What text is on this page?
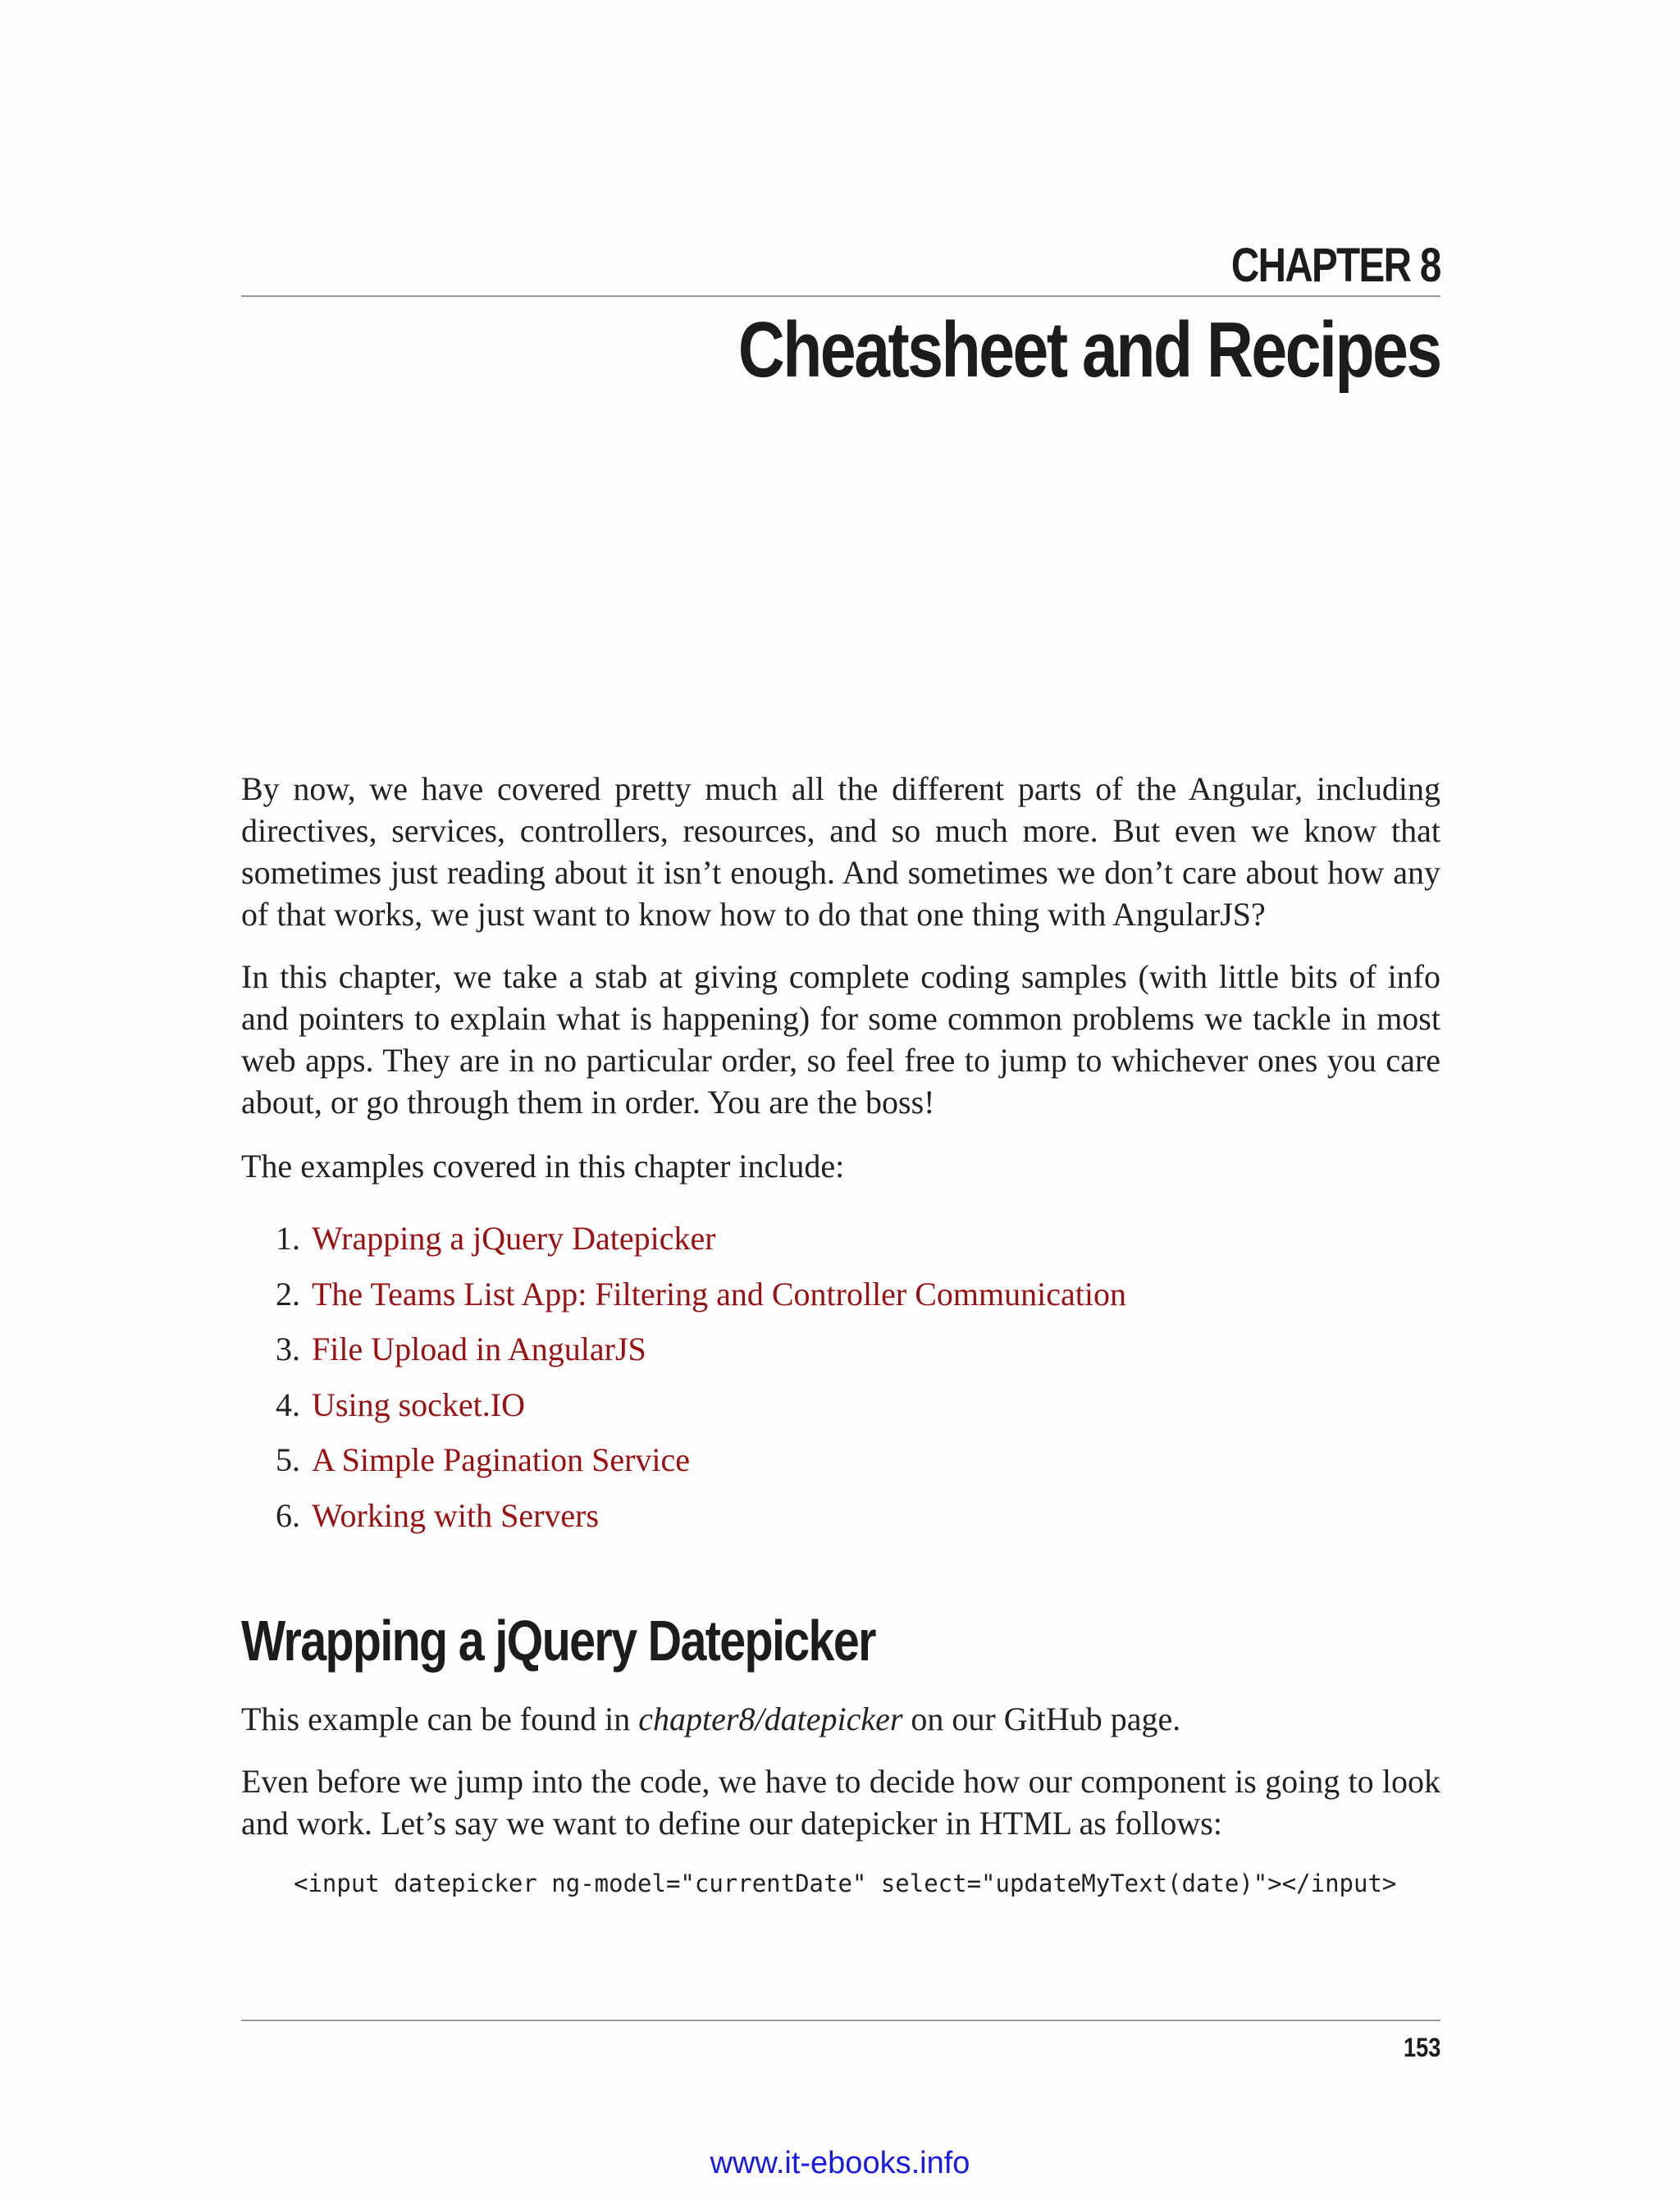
CHAPTER 8
Cheatsheet and Recipes

By now, we have covered pretty much all the different parts of the Angular, including directives, services, controllers, resources, and so much more. But even we know that sometimes just reading about it isn’t enough. And sometimes we don’t care about how any of that works, we just want to know how to do that one thing with AngularJS?

In this chapter, we take a stab at giving complete coding samples (with little bits of info and pointers to explain what is happening) for some common problems we tackle in most web apps. They are in no particular order, so feel free to jump to whichever ones you care about, or go through them in order. You are the boss!

The examples covered in this chapter include:

1. Wrapping a jQuery Datepicker
2. The Teams List App: Filtering and Controller Communication
3. File Upload in AngularJS
4. Using socket.IO
5. A Simple Pagination Service
6. Working with Servers
Wrapping a jQuery Datepicker

This example can be found in chapter8/datepicker on our GitHub page.

Even before we jump into the code, we have to decide how our component is going to look and work. Let’s say we want to define our datepicker in HTML as follows:

<input datepicker ng-model="currentDate" select="updateMyText(date)"></input>
153
www.it-ebooks.info
